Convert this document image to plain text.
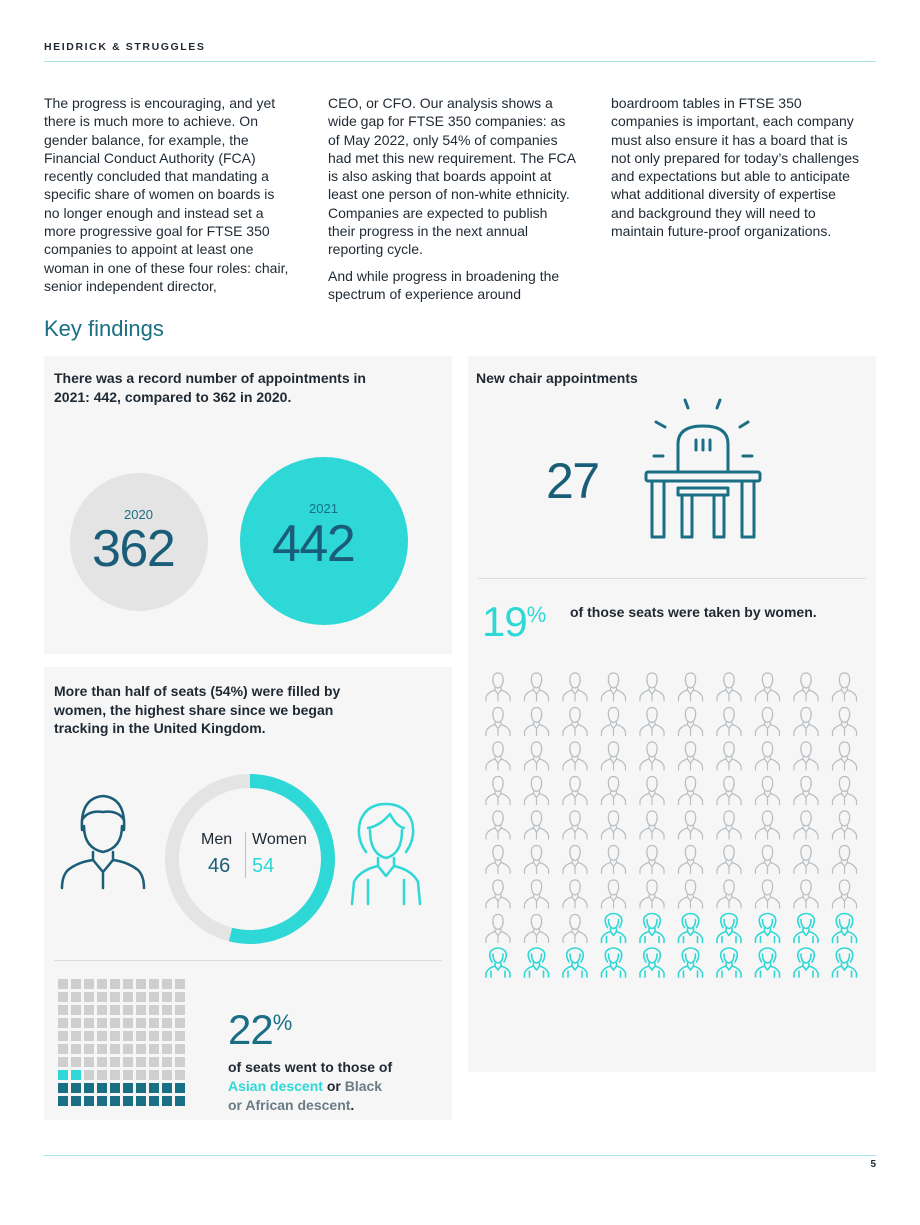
HEIDRICK & STRUGGLES

The progress is encouraging, and yet there is much more to achieve. On gender balance, for example, the Financial Conduct Authority (FCA) recently concluded that mandating a specific share of women on boards is no longer enough and instead set a more progressive goal for FTSE 350 companies to appoint at least one woman in one of these four roles: chair, senior independent director,

CEO, or CFO. Our analysis shows a wide gap for FTSE 350 companies: as of May 2022, only 54% of companies had met this new requirement. The FCA is also asking that boards appoint at least one person of non-white ethnicity. Companies are expected to publish their progress in the next annual reporting cycle.

And while progress in broadening the spectrum of experience around

boardroom tables in FTSE 350 companies is important, each company must also ensure it has a board that is not only prepared for today’s challenges and expectations but able to anticipate what additional diversity of expertise and background they will need to maintain future-proof organizations.

Key findings
There was a record number of appointments in 2021: 442, compared to 362 in 2020.
2020
362
2021
442
New chair appointments
27
19% of those seats were taken by women.
More than half of seats (54%) were filled by women, the highest share since we began tracking in the United Kingdom.
Men
46
Women
54
22%
of seats went to those of
Asian descent or Black
or African descent.
5
